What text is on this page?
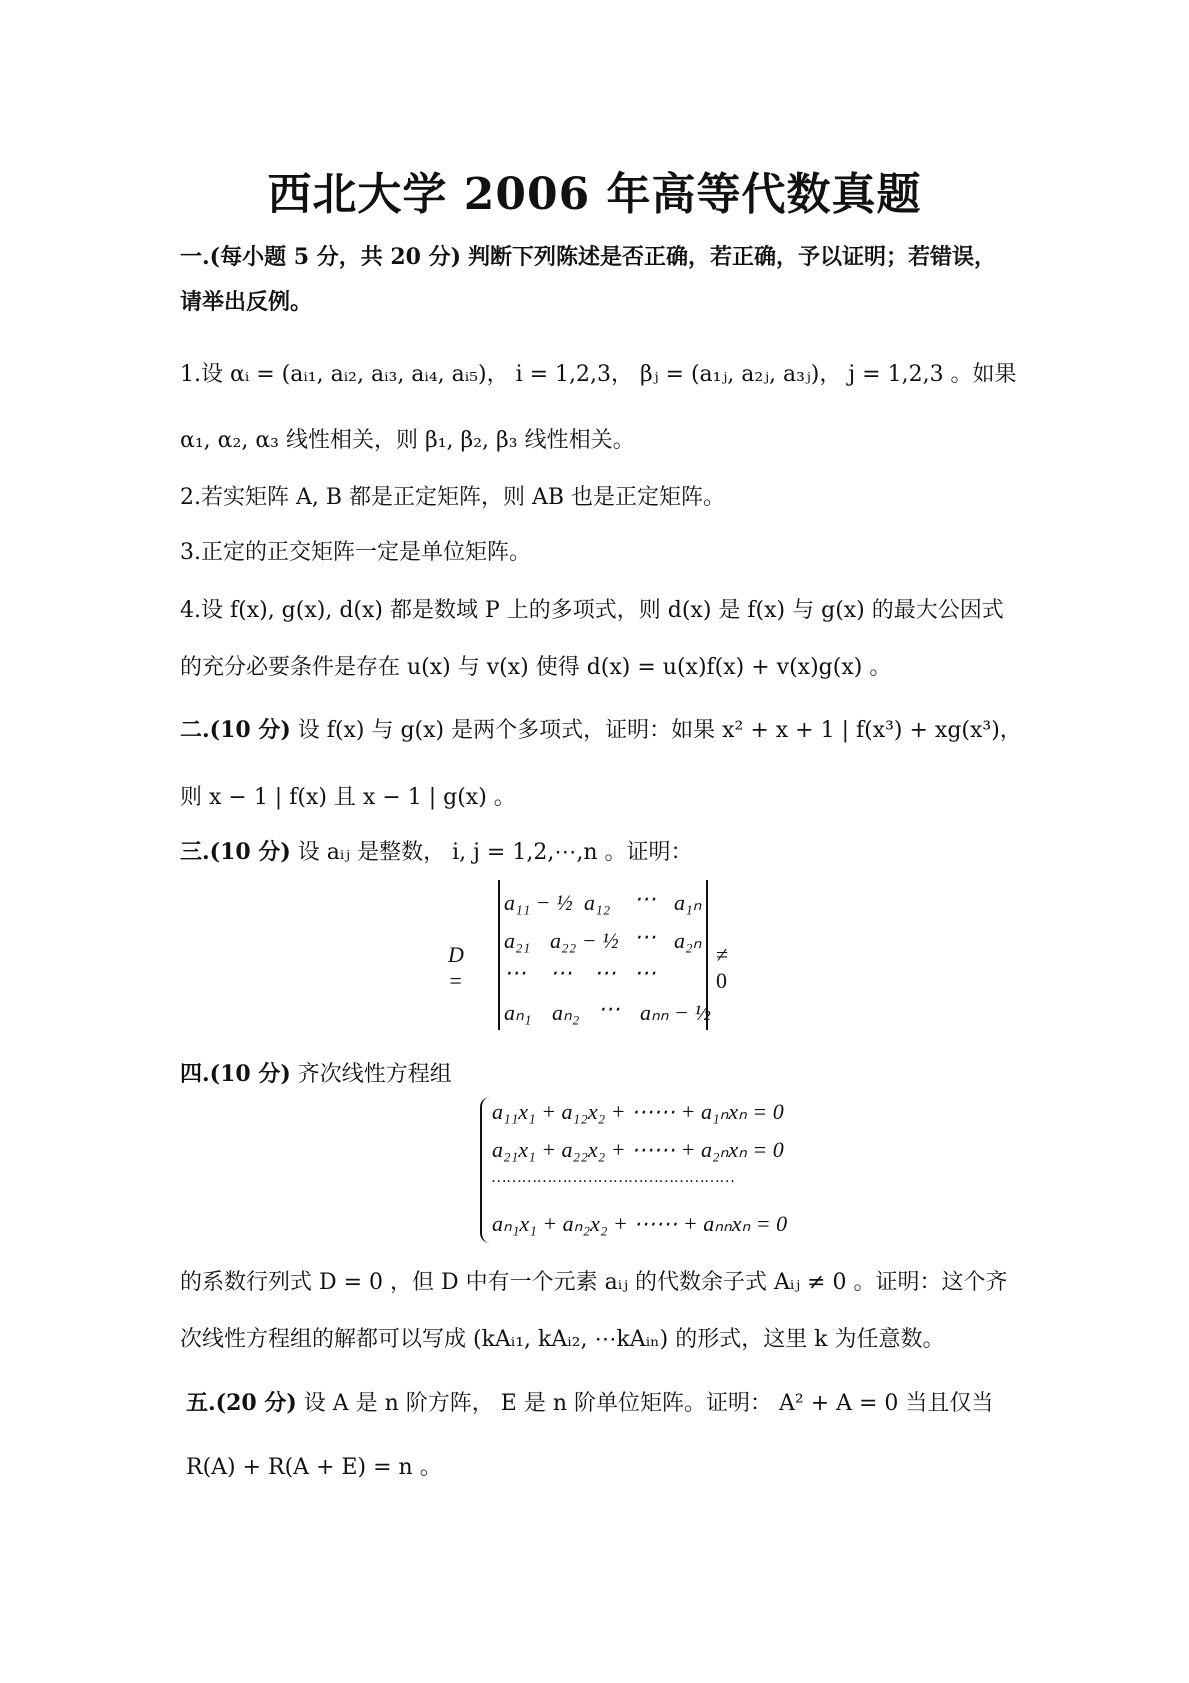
西北大学 2006 年高等代数真题
一.(每小题 5 分，共 20 分) 判断下列陈述是否正确，若正确，予以证明；若错误，
请举出反例。
1.设 αᵢ = (aᵢ₁, aᵢ₂, aᵢ₃, aᵢ₄, aᵢ₅)， i = 1,2,3， βⱼ = (a₁ⱼ, a₂ⱼ, a₃ⱼ)， j = 1,2,3 。如果
α₁, α₂, α₃ 线性相关，则 β₁, β₂, β₃ 线性相关。
2.若实矩阵 A, B 都是正定矩阵，则 AB 也是正定矩阵。
3.正定的正交矩阵一定是单位矩阵。
4.设 f(x), g(x), d(x) 都是数域 P 上的多项式，则 d(x) 是 f(x) 与 g(x) 的最大公因式
的充分必要条件是存在 u(x) 与 v(x) 使得 d(x) = u(x)f(x) + v(x)g(x) 。
二.(10 分) 设 f(x) 与 g(x) 是两个多项式，证明：如果 x² + x + 1 | f(x³) + xg(x³)，
则 x − 1 | f(x) 且 x − 1 | g(x) 。
三.(10 分) 设 aᵢⱼ 是整数， i, j = 1,2,⋯,n 。证明：
D =
a₁₁ − ½ a₁₂ ⋯ a₁ₙ
a₂₁ a₂₂ − ½ ⋯ a₂ₙ
⋯ ⋯ ⋯ ⋯
aₙ₁ aₙ₂ ⋯ aₙₙ − ½
≠ 0
四.(10 分) 齐次线性方程组
a₁₁x₁ + a₁₂x₂ + ⋯⋯ + a₁ₙxₙ = 0
a₂₁x₁ + a₂₂x₂ + ⋯⋯ + a₂ₙxₙ = 0
…………………………………………
aₙ₁x₁ + aₙ₂x₂ + ⋯⋯ + aₙₙxₙ = 0
的系数行列式 D = 0 ，但 D 中有一个元素 aᵢⱼ 的代数余子式 Aᵢⱼ ≠ 0 。证明：这个齐
次线性方程组的解都可以写成 (kAᵢ₁, kAᵢ₂, ⋯kAᵢₙ) 的形式，这里 k 为任意数。
五.(20 分) 设 A 是 n 阶方阵， E 是 n 阶单位矩阵。证明： A² + A = 0 当且仅当
R(A) + R(A + E) = n 。
